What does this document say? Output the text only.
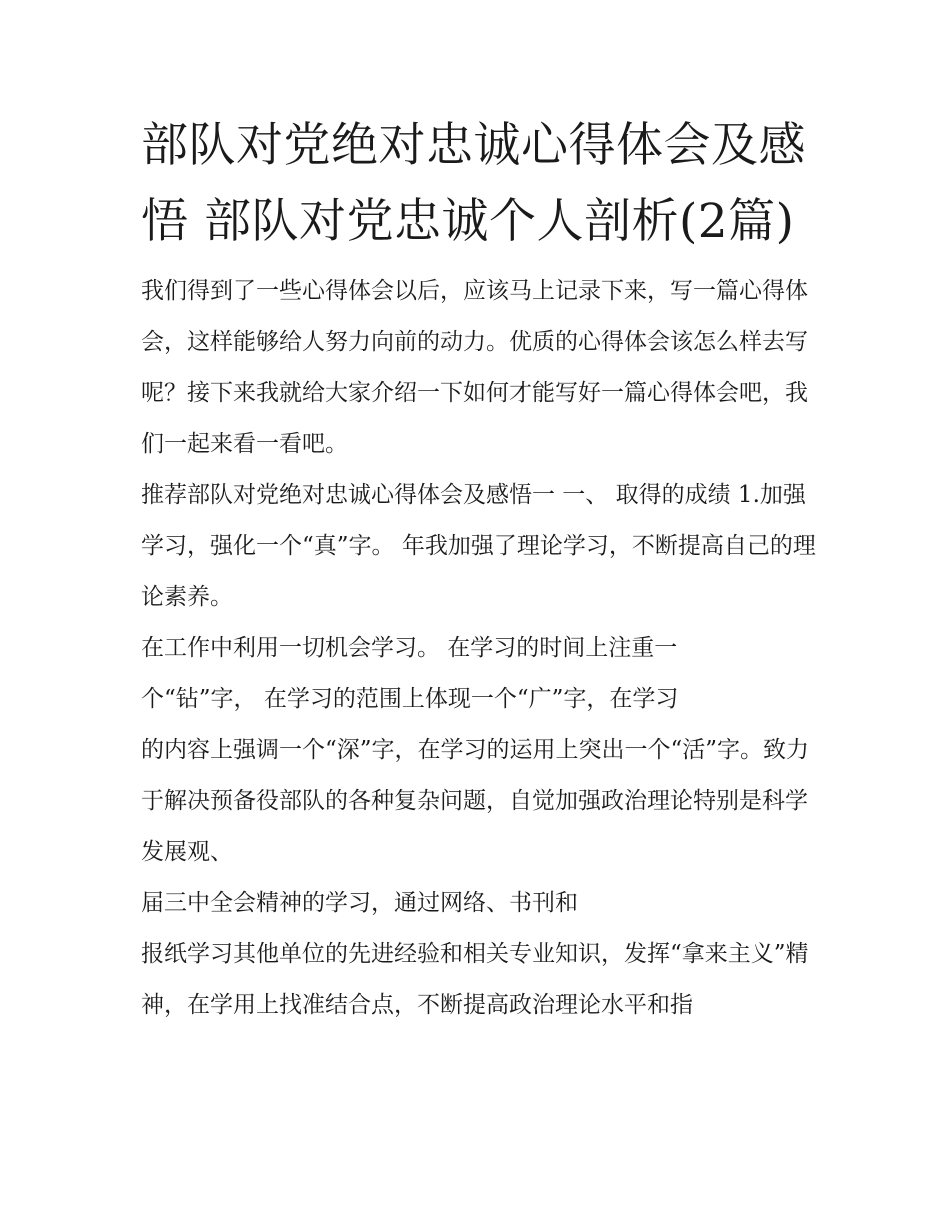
部队对党绝对忠诚心得体会及感悟 部队对党忠诚个人剖析(2篇)

我们得到了一些心得体会以后，应该马上记录下来，写一篇心得体会，这样能够给人努力向前的动力。优质的心得体会该怎么样去写呢？接下来我就给大家介绍一下如何才能写好一篇心得体会吧，我们一起来看一看吧。

推荐部队对党绝对忠诚心得体会及感悟一 一、 取得的成绩 1.加强学习，强化一个“真”字。 年我加强了理论学习，不断提高自己的理论素养。

在工作中利用一切机会学习。 在学习的时间上注重一

个“钻”字， 在学习的范围上体现一个“广”字，在学习

的内容上强调一个“深”字，在学习的运用上突出一个“活”字。致力于解决预备役部队的各种复杂问题，自觉加强政治理论特别是科学发展观、

届三中全会精神的学习，通过网络、书刊和

报纸学习其他单位的先进经验和相关专业知识，发挥“拿来主义”精神，在学用上找准结合点，不断提高政治理论水平和指
